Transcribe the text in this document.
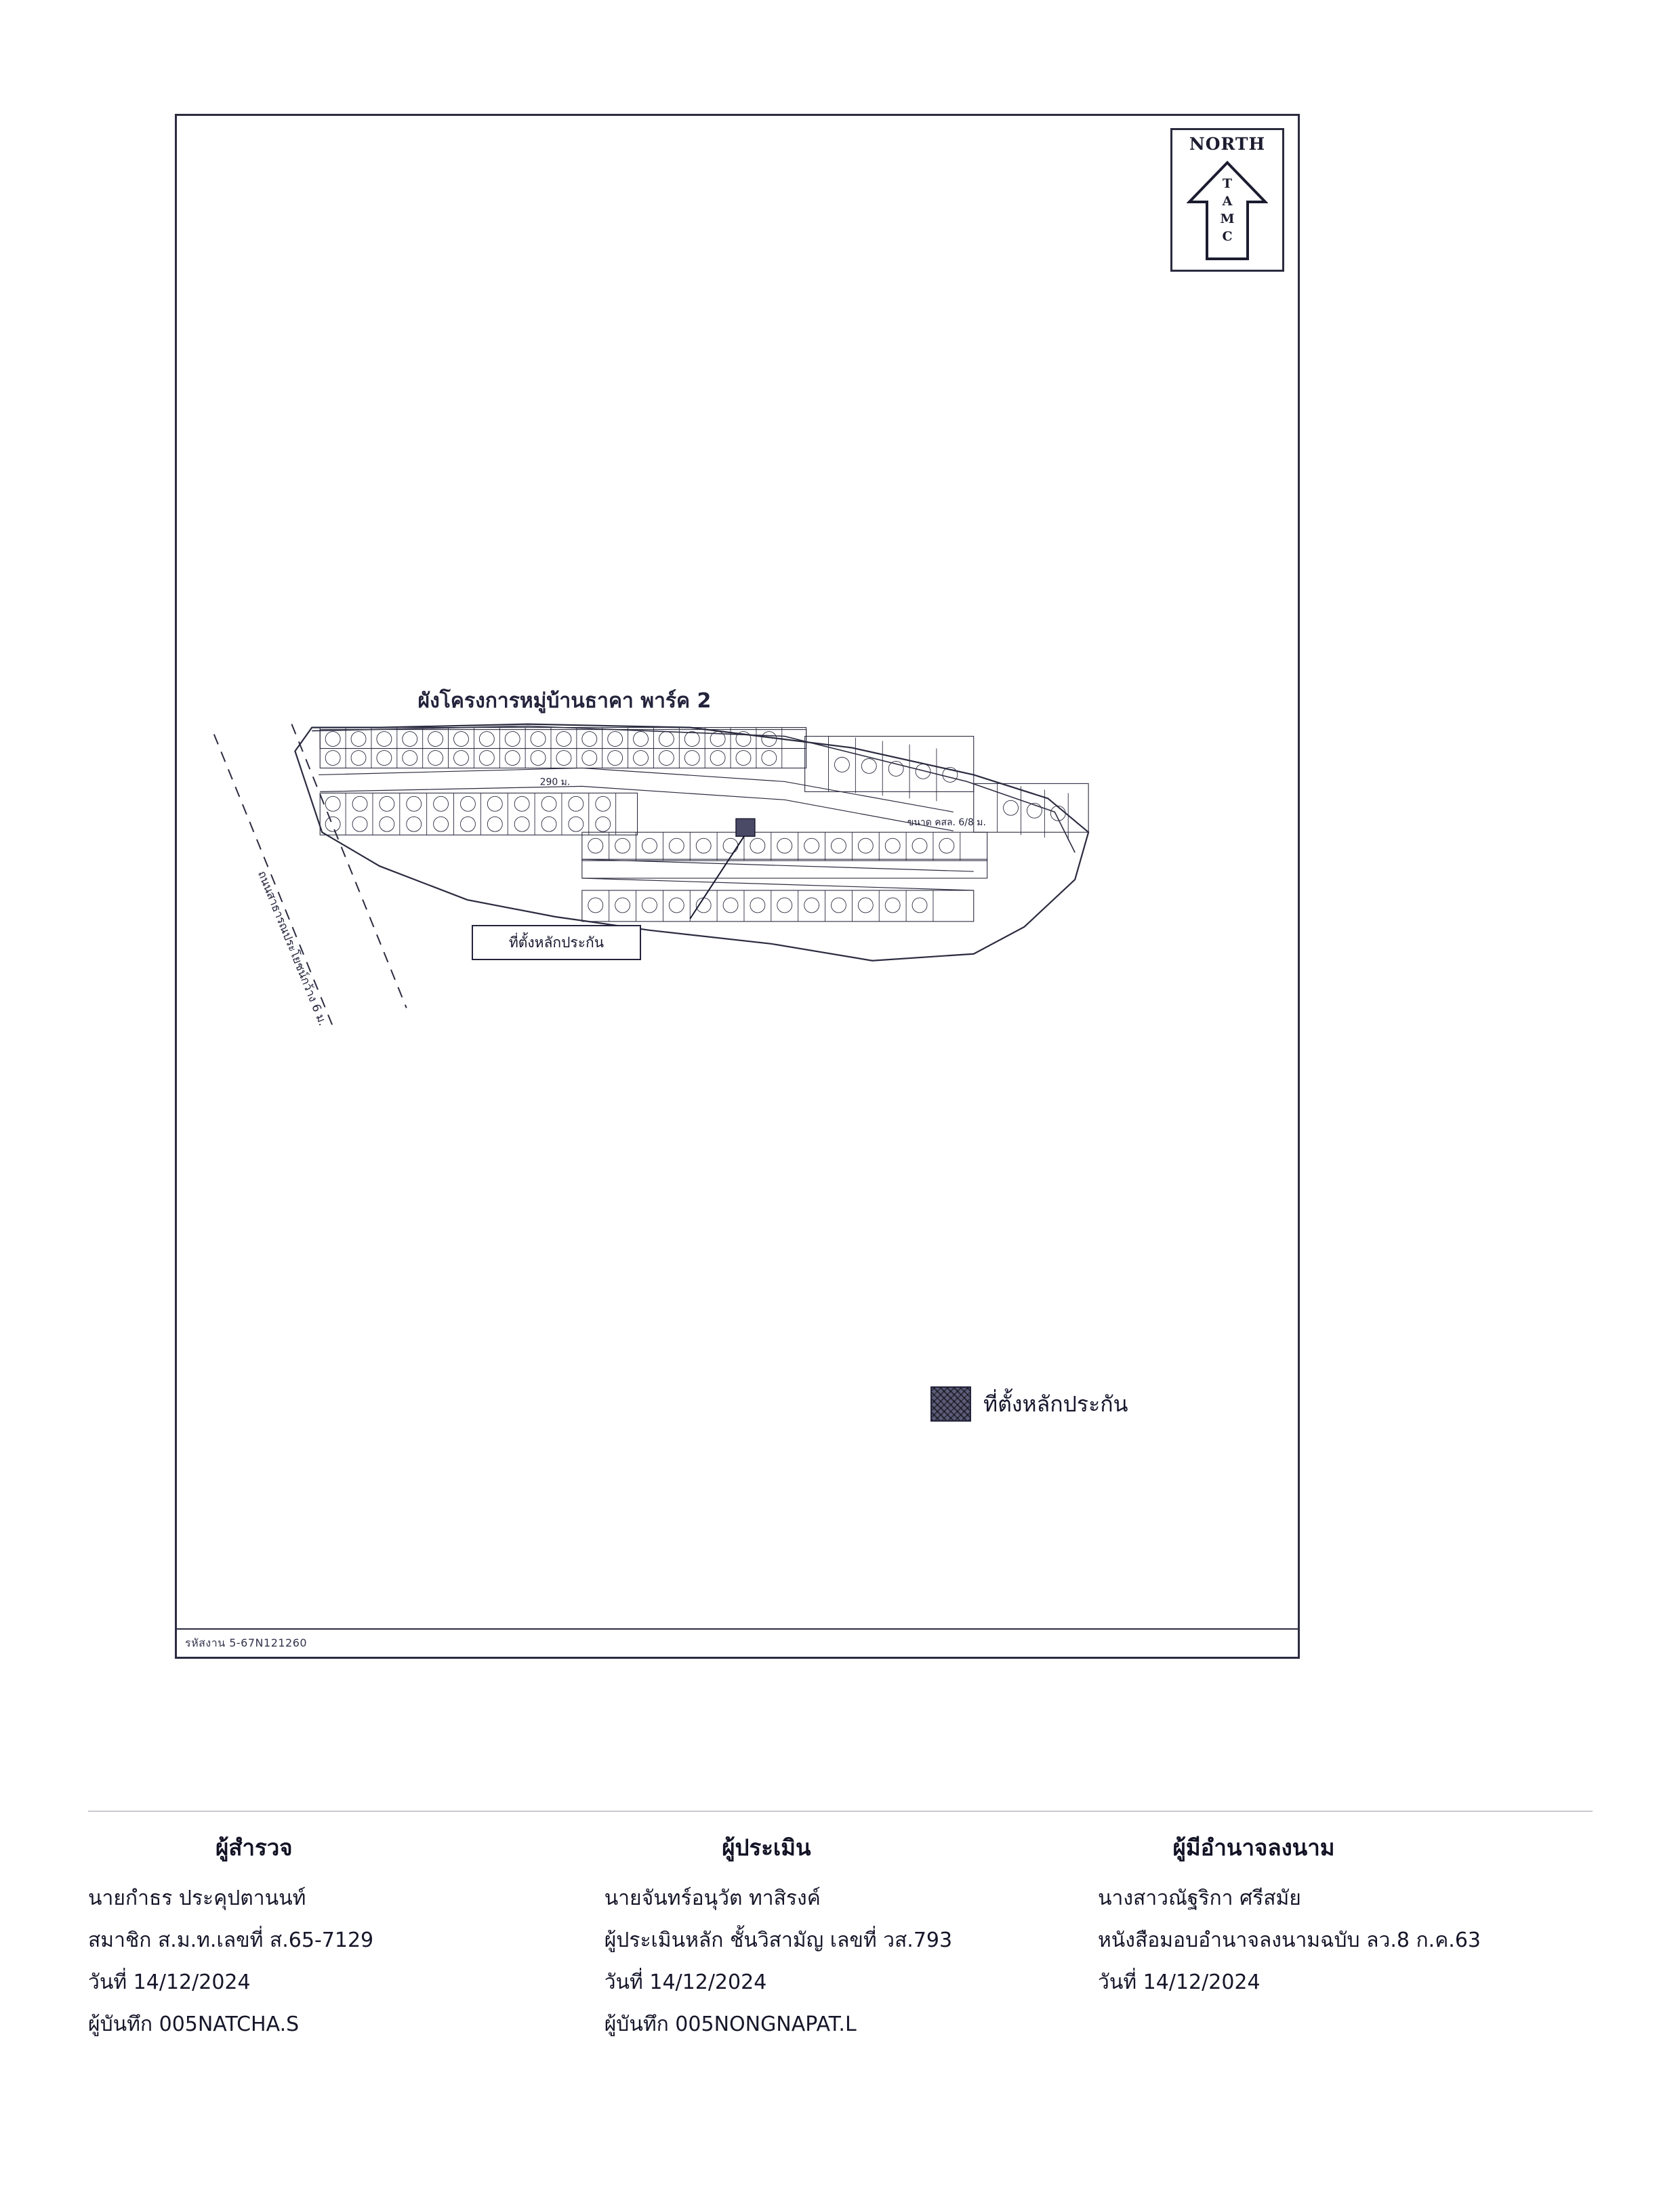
NORTH
T
A
M
C
ผังโครงการหมู่บ้านธาคา พาร์ค 2
ถนนสาธารณประโยชน์กว้าง 6 ม.
290 ม.
ขนาด คสล. 6/8 ม.
ที่ตั้งหลักประกัน
ที่ตั้งหลักประกัน
รหัสงาน 5-67N121260
ผู้สำรวจ
นายกำธร ประคุปตานนท์
สมาชิก ส.ม.ท.เลขที่ ส.65-7129
วันที่ 14/12/2024
ผู้บันทึก 005NATCHA.S
ผู้ประเมิน
นายจันทร์อนุวัต ทาสิรงค์
ผู้ประเมินหลัก ชั้นวิสามัญ เลขที่ วส.793
วันที่ 14/12/2024
ผู้บันทึก 005NONGNAPAT.L
ผู้มีอำนาจลงนาม
นางสาวณัฐริกา ศรีสมัย
หนังสือมอบอำนาจลงนามฉบับ ลว.8 ก.ค.63
วันที่ 14/12/2024
